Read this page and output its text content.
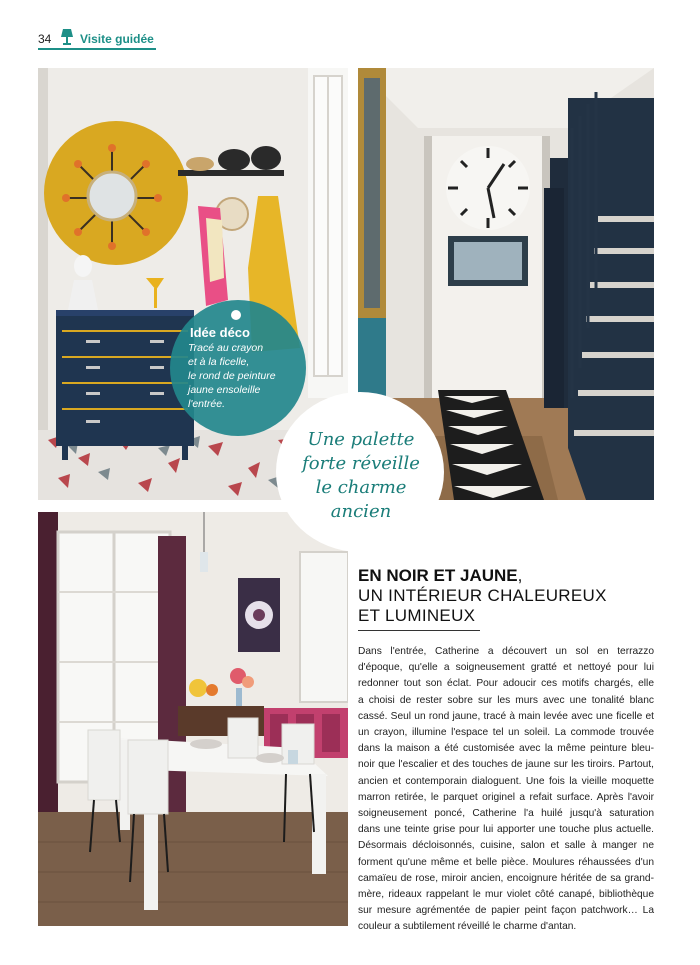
34 Visite guidée
Idée déco
Tracé au crayon
et à la ficelle,
le rond de peinture
jaune ensoleille
l'entrée.
Une palette
forte réveille
le charme
ancien
EN NOIR ET JAUNE,
UN INTÉRIEUR CHALEUREUX
ET LUMINEUX
Dans l'entrée, Catherine a découvert un sol en terrazzo
d'époque, qu'elle a soigneusement gratté et nettoyé pour lui
redonner tout son éclat. Pour adoucir ces motifs chargés, elle
a choisi de rester sobre sur les murs avec une tonalité blanc
cassé. Seul un rond jaune, tracé à main levée avec une ficelle et
un crayon, illumine l'espace tel un soleil. La commode trouvée
dans la maison a été customisée avec la même peinture bleu-
noir que l'escalier et des touches de jaune sur les tiroirs. Partout,
ancien et contemporain dialoguent. Une fois la vieille moquette
marron retirée, le parquet originel a refait surface. Après l'avoir
soigneusement poncé, Catherine l'a huilé jusqu'à saturation
dans une teinte grise pour lui apporter une touche plus actuelle.
Désormais décloisonnés, cuisine, salon et salle à manger ne
forment qu'une même et belle pièce. Moulures réhaussées d'un
camaïeu de rose, miroir ancien, encoignure héritée de sa grand-
mère, rideaux rappelant le mur violet côté canapé, bibliothèque
sur mesure agrémentée de papier peint façon patchwork… La
couleur a subtilement réveillé le charme d'antan.
